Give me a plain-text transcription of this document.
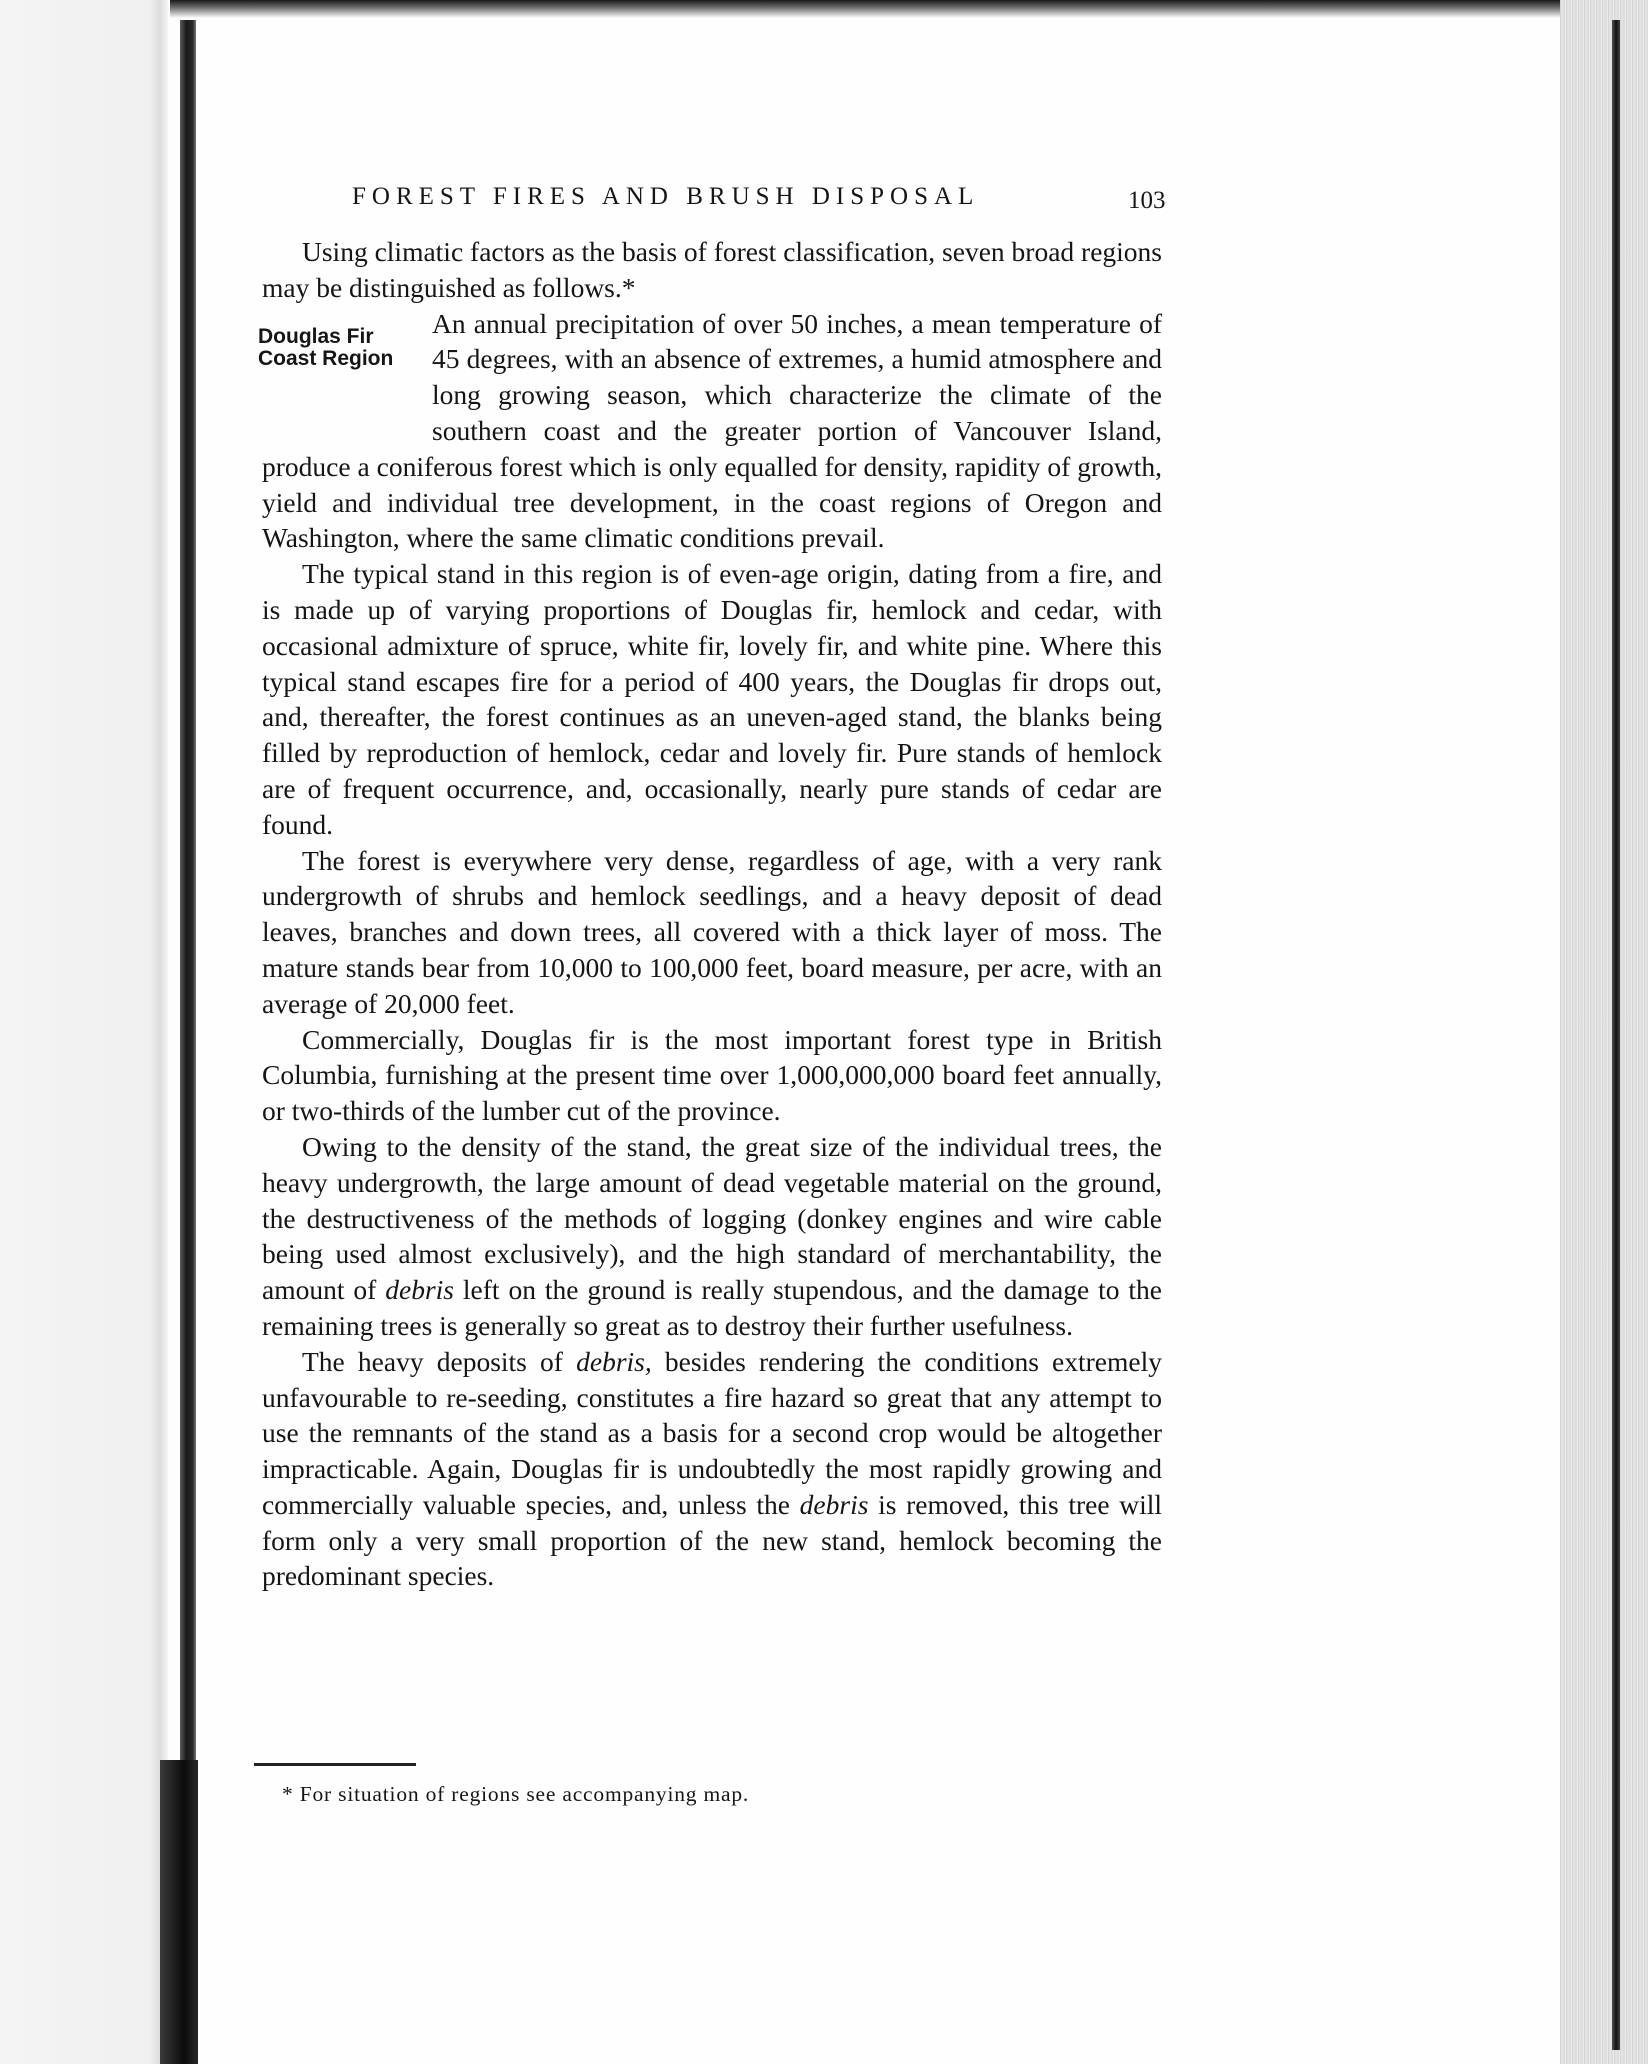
FOREST FIRES AND BRUSH DISPOSAL	103

Using climatic factors as the basis of forest classification, seven broad regions may be distinguished as follows.*

Douglas Fir
Coast Region

An annual precipitation of over 50 inches, a mean temperature of 45 degrees, with an absence of extremes, a humid atmosphere and long growing season, which characterize the climate of the southern coast and the greater portion of Vancouver Island, produce a coniferous forest which is only equalled for density, rapidity of growth, yield and individual tree development, in the coast regions of Oregon and Washington, where the same climatic conditions prevail.

The typical stand in this region is of even-age origin, dating from a fire, and is made up of varying proportions of Douglas fir, hemlock and cedar, with occasional admixture of spruce, white fir, lovely fir, and white pine. Where this typical stand escapes fire for a period of 400 years, the Douglas fir drops out, and, thereafter, the forest continues as an uneven-aged stand, the blanks being filled by reproduction of hemlock, cedar and lovely fir. Pure stands of hemlock are of frequent occurrence, and, occasionally, nearly pure stands of cedar are found.

The forest is everywhere very dense, regardless of age, with a very rank undergrowth of shrubs and hemlock seedlings, and a heavy deposit of dead leaves, branches and down trees, all covered with a thick layer of moss. The mature stands bear from 10,000 to 100,000 feet, board measure, per acre, with an average of 20,000 feet.

Commercially, Douglas fir is the most important forest type in British Columbia, furnishing at the present time over 1,000,000,000 board feet annually, or two-thirds of the lumber cut of the province.

Owing to the density of the stand, the great size of the individual trees, the heavy undergrowth, the large amount of dead vegetable material on the ground, the destructiveness of the methods of logging (donkey engines and wire cable being used almost exclusively), and the high standard of merchantability, the amount of debris left on the ground is really stupendous, and the damage to the remaining trees is generally so great as to destroy their further usefulness.

The heavy deposits of debris, besides rendering the conditions extremely unfavourable to re-seeding, constitutes a fire hazard so great that any attempt to use the remnants of the stand as a basis for a second crop would be altogether impracticable. Again, Douglas fir is undoubtedly the most rapidly growing and commercially valuable species, and, unless the debris is removed, this tree will form only a very small proportion of the new stand, hemlock becoming the predominant species.

* For situation of regions see accompanying map.
